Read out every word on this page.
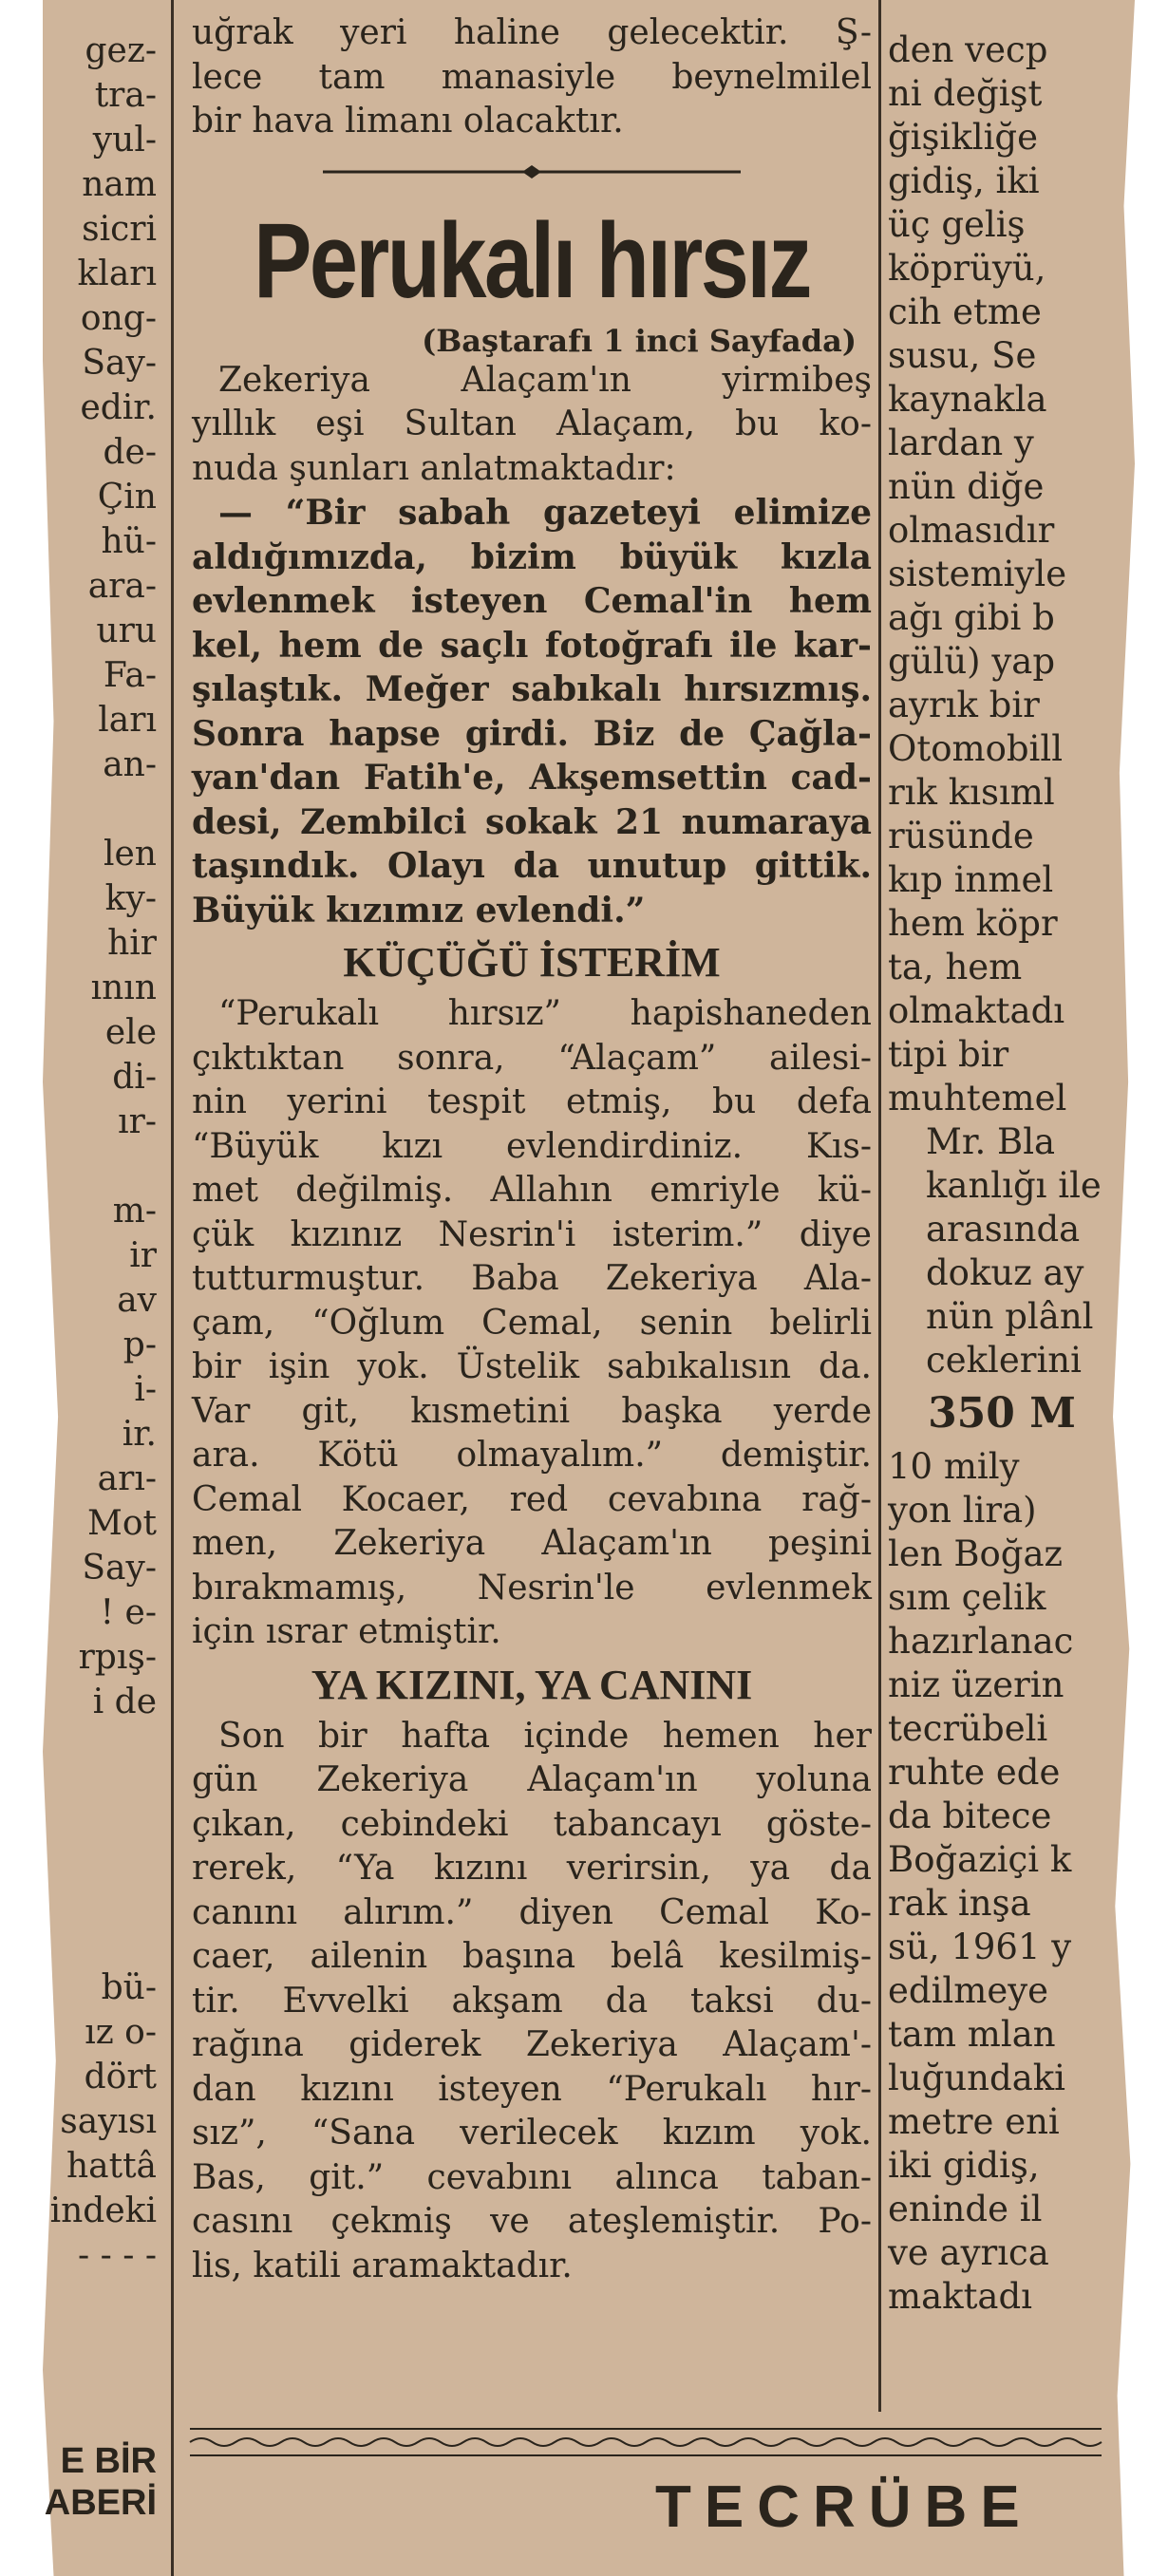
gez-
tra-
yul-
nam
sicri
kları
ong-
Say-
edir.
de-
Çin
hü-
ara-
uru
Fa-
ları
an-

len
ky-
hir
ının
ele
di-
ır-

m-
ir
av
p-
i-
ir.
arı-
Mot
Say-
! e-
rpış-
i de
bü-
ız o-
dört
sayısı
hattâ
indeki
- - - -
E BİR
ABERİ
uğrak yeri haline gelecektir. Ş-
lece tam manasiyle beynelmilel
bir hava limanı olacaktır.
Perukalı hırsız
(Baştarafı 1 inci Sayfada)
Zekeriya Alaçam'ın yirmibeş
yıllık eşi Sultan Alaçam, bu ko-
nuda şunları anlatmaktadır:
— “Bir sabah gazeteyi elimize
aldığımızda, bizim büyük kızla
evlenmek isteyen Cemal'in hem
kel, hem de saçlı fotoğrafı ile kar-
şılaştık. Meğer sabıkalı hırsızmış.
Sonra hapse girdi. Biz de Çağla-
yan'dan Fatih'e, Akşemsettin cad-
desi, Zembilci sokak 21 numaraya
taşındık. Olayı da unutup gittik.
Büyük kızımız evlendi.”
KÜÇÜĞÜ İSTERİM
“Perukalı hırsız” hapishaneden
çıktıktan sonra, “Alaçam” ailesi-
nin yerini tespit etmiş, bu defa
“Büyük kızı evlendirdiniz. Kıs-
met değilmiş. Allahın emriyle kü-
çük kızınız Nesrin'i isterim.” diye
tutturmuştur. Baba Zekeriya Ala-
çam, “Oğlum Cemal, senin belirli
bir işin yok. Üstelik sabıkalısın da.
Var git, kısmetini başka yerde
ara. Kötü olmayalım.” demiştir.
Cemal Kocaer, red cevabına rağ-
men, Zekeriya Alaçam'ın peşini
bırakmamış, Nesrin'le evlenmek
için ısrar etmiştir.
YA KIZINI, YA CANINI
Son bir hafta içinde hemen her
gün Zekeriya Alaçam'ın yoluna
çıkan, cebindeki tabancayı göste-
rerek, “Ya kızını verirsin, ya da
canını alırım.” diyen Cemal Ko-
caer, ailenin başına belâ kesilmiş-
tir. Evvelki akşam da taksi du-
rağına giderek Zekeriya Alaçam'-
dan kızını isteyen “Perukalı hır-
sız”, “Sana verilecek kızım yok.
Bas, git.” cevabını alınca taban-
casını çekmiş ve ateşlemiştir. Po-
lis, katili aramaktadır.
TECRÜBE
den vecp
ni değişt
ğişikliğe
gidiş, iki
üç geliş
köprüyü,
cih etme
susu, Se
kaynakla
lardan y
nün diğe
olmasıdır
sistemiyle
ağı gibi b
gülü) yap
ayrık bir
Otomobill
rık kısıml
rüsünde
kıp inmel
hem köpr
ta, hem
olmaktadı
tipi bir
muhtemel
Mr. Bla
kanlığı ile
arasında
dokuz ay
nün plânl
ceklerini
350 M
10 mily
yon lira)
len Boğaz
sım çelik
hazırlanac
niz üzerin
tecrübeli
ruhte ede
da bitece
Boğaziçi k
rak inşa
sü, 1961 y
edilmeye
tam mlan
luğundaki
metre eni
iki gidiş,
eninde il
ve ayrıca
maktadı
